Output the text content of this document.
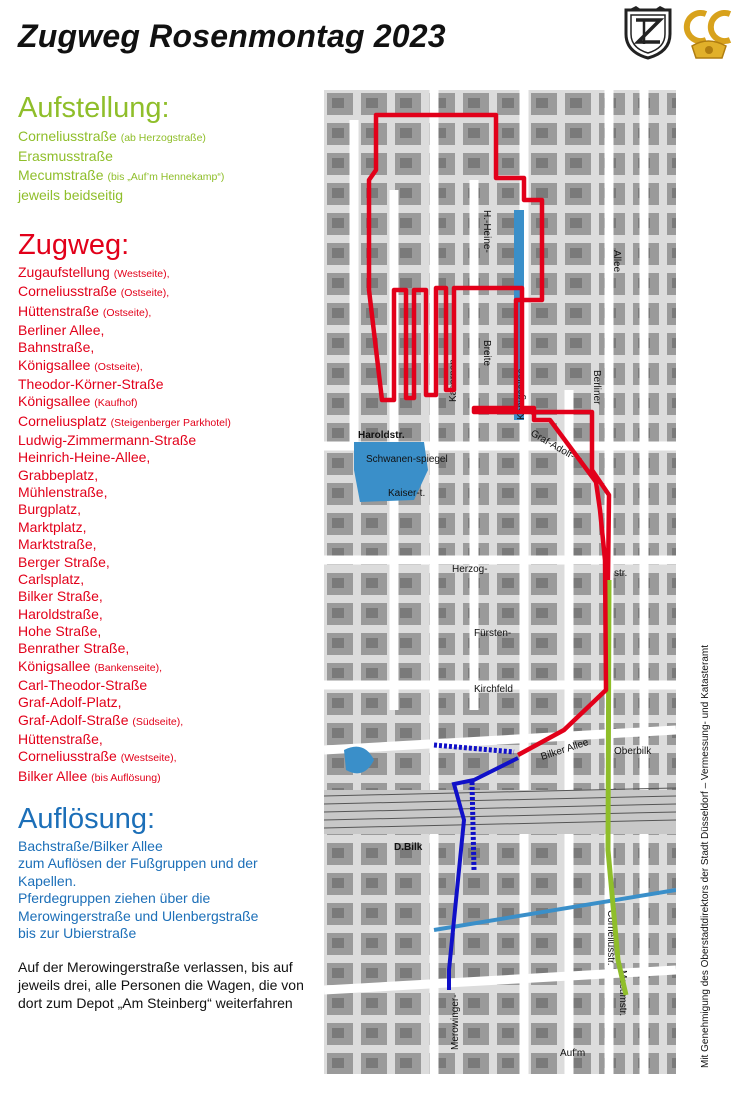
Zugweg Rosenmontag 2023
Aufstellung:
Corneliusstraße (ab Herzogstraße)
Erasmusstraße
Mecumstraße (bis „Auf’m Hennekamp“)
jeweils beidseitig
Zugweg:
Zugaufstellung (Westseite),
Corneliusstraße (Ostseite),
Hüttenstraße (Ostseite),
Berliner Allee,
Bahnstraße,
Königsallee (Ostseite),
Theodor-Körner-Straße
Königsallee (Kaufhof)
Corneliusplatz (Steigenberger Parkhotel)
Ludwig-Zimmermann-Straße
Heinrich-Heine-Allee,
Grabbeplatz,
Mühlenstraße,
Burgplatz,
Marktplatz,
Marktstraße,
Berger Straße,
Carlsplatz,
Bilker Straße,
Haroldstraße,
Hohe Straße,
Benrather Straße,
Königsallee (Bankenseite),
Carl-Theodor-Straße
Graf-Adolf-Platz,
Graf-Adolf-Straße (Südseite),
Hüttenstraße,
Corneliusstraße (Westseite),
Bilker Allee (bis Auflösung)
Auflösung:
Bachstraße/Bilker Allee
zum Auflösen der Fußgruppen und der
Kapellen.
Pferdegruppen ziehen über die
Merowingerstraße und Ulenbergstraße
bis zur Ubierstraße
Auf der Merowingerstraße verlassen, bis auf jeweils drei, alle Personen die Wagen, die von dort zum Depot „Am Steinberg“ weiterfahren
Haroldstr.
Herzog-	str.
Königsallee
Kasernen-
Breite
Kirchfeld
Fürsten-
Oberbilk
Schwanen-spiegel
Kaiser-t.
Graf-Adolf-
D.Bilk
Merowinger-
Auf'm
Allee
Berliner
Corneliusstr.
Mecumstr.
Bilker Allee
H.-Heine-
Mit Genehmigung des Oberstadtdirektors der Stadt Düsseldorf – Vermessung- und Katasteramt
